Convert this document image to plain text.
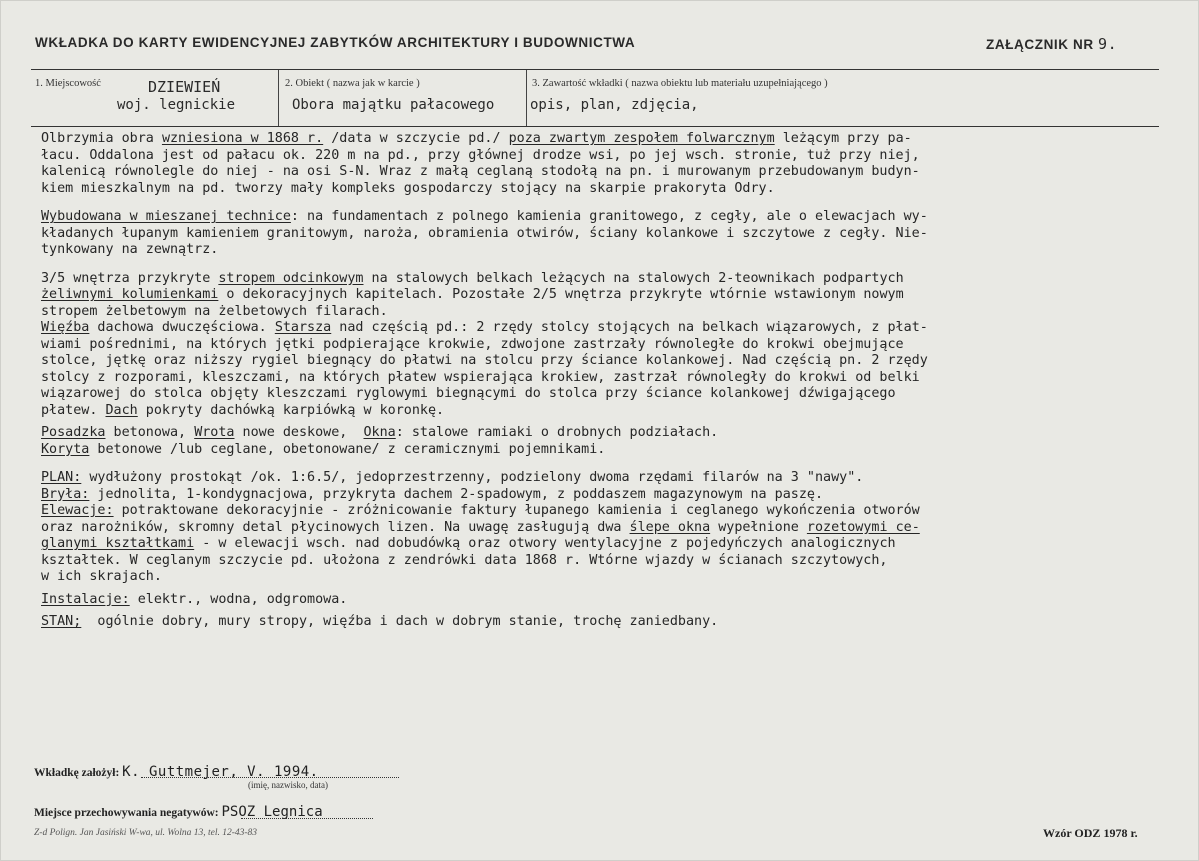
WKŁADKA DO KARTY EWIDENCYJNEJ ZABYTKÓW ARCHITEKTURY I BUDOWNICTWA	ZAŁĄCZNIK NR 9.
1. Miejscowość	DZIEWIEŃ
woj. legnickie
2. Obiekt ( nazwa jak w karcie )
Obora majątku pałacowego
3. Zawartość wkładki ( nazwa obiektu lub materiału uzupełniającego )
opis, plan, zdjęcia,

Olbrzymia obra wzniesiona w 1868 r. /data w szczycie pd./ poza zwartym zespołem folwarcznym leżącym przy pa-

łacu. Oddalona jest od pałacu ok. 220 m na pd., przy głównej drodze wsi, po jej wsch. stronie, tuż przy niej,

kalenicą równolegle do niej - na osi S-N. Wraz z małą ceglaną stodołą na pn. i murowanym przebudowanym budyn-

kiem mieszkalnym na pd. tworzy mały kompleks gospodarczy stojący na skarpie prakoryta Odry.

Wybudowana w mieszanej technice: na fundamentach z polnego kamienia granitowego, z cegły, ale o elewacjach wy-

kładanych łupanym kamieniem granitowym, naroża, obramienia otwirów, ściany kolankowe i szczytowe z cegły. Nie-

tynkowany na zewnątrz.

3/5 wnętrza przykryte stropem odcinkowym na stalowych belkach leżących na stalowych 2-teownikach podpartych

żeliwnymi kolumienkami o dekoracyjnych kapitelach. Pozostałe 2/5 wnętrza przykryte wtórnie wstawionym nowym

stropem żelbetowym na żelbetowych filarach.

Więźba dachowa dwuczęściowa. Starsza nad częścią pd.: 2 rzędy stolcy stojących na belkach wiązarowych, z płat-

wiami pośrednimi, na których jętki podpierające krokwie, zdwojone zastrzały równoległe do krokwi obejmujące

stolce, jętkę oraz niższy rygiel biegnący do płatwi na stolcu przy ściance kolankowej. Nad częścią pn. 2 rzędy

stolcy z rozporami, kleszczami, na których płatew wspierająca krokiew, zastrzał równoległy do krokwi od belki

wiązarowej do stolca objęty kleszczami ryglowymi biegnącymi do stolca przy ściance kolankowej dźwigającego

płatew. Dach pokryty dachówką karpiówką w koronkę.

Posadzka betonowa, Wrota nowe deskowe,  Okna: stalowe ramiaki o drobnych podziałach.

Koryta betonowe /lub ceglane, obetonowane/ z ceramicznymi pojemnikami.

PLAN: wydłużony prostokąt /ok. 1:6.5/, jedoprzestrzenny, podzielony dwoma rzędami filarów na 3 "nawy".

Bryła: jednolita, 1-kondygnacjowa, przykryta dachem 2-spadowym, z poddaszem magazynowym na paszę.

Elewacje: potraktowane dekoracyjnie - zróżnicowanie faktury łupanego kamienia i ceglanego wykończenia otworów

oraz narożników, skromny detal płycinowych lizen. Na uwagę zasługują dwa ślepe okna wypełnione rozetowymi ce-

glanymi kształtkami - w elewacji wsch. nad dobudówką oraz otwory wentylacyjne z pojedyńczych analogicznych

kształtek. W ceglanym szczycie pd. ułożona z zendrówki data 1868 r. Wtórne wjazdy w ścianach szczytowych,

w ich skrajach.

Instalacje: elektr., wodna, odgromowa.

STAN;  ogólnie dobry, mury stropy, więźba i dach w dobrym stanie, trochę zaniedbany.

Wkładkę założył: K. Guttmejer, V. 1994.
(imię, nazwisko, data)
Miejsce przechowywania negatywów: PSOZ Legnica
Z-d Polign. Jan Jasiński W-wa, ul. Wolna 13, tel. 12-43-83	Wzór ODZ 1978 r.
